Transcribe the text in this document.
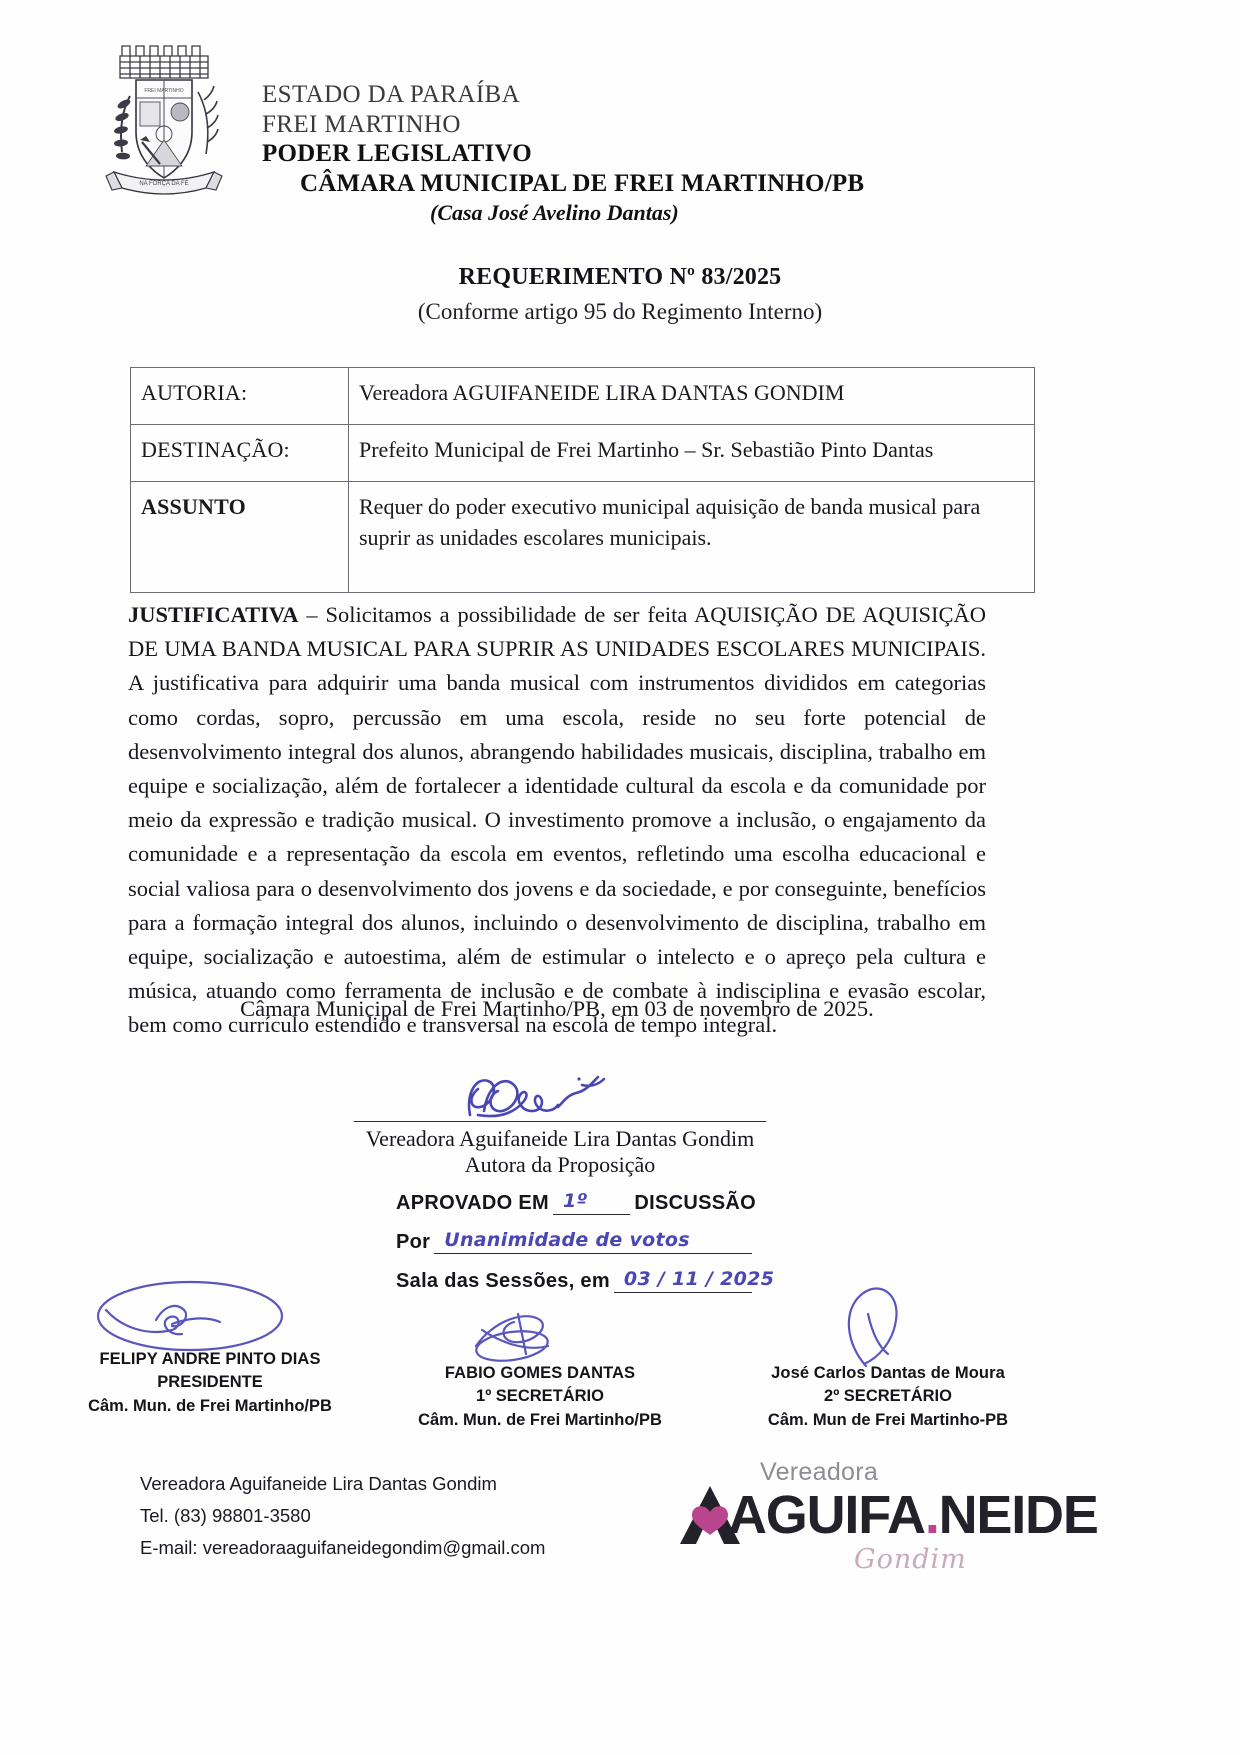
FREI MARTINHO
NA FORÇA DA FÉ
ESTADO DA PARAÍBA
FREI MARTINHO
PODER LEGISLATIVO
CÂMARA MUNICIPAL DE FREI MARTINHO/PB
(Casa José Avelino Dantas)
REQUERIMENTO Nº 83/2025
(Conforme artigo 95 do Regimento Interno)
AUTORIA:	Vereadora AGUIFANEIDE LIRA DANTAS GONDIM
DESTINAÇÃO:	Prefeito Municipal de Frei Martinho – Sr. Sebastião Pinto Dantas
ASSUNTO	Requer do poder executivo municipal aquisição de banda musical para suprir as unidades escolares municipais.
JUSTIFICATIVA – Solicitamos a possibilidade de ser feita AQUISIÇÃO DE AQUISIÇÃO DE UMA BANDA MUSICAL PARA SUPRIR AS UNIDADES ESCOLARES MUNICIPAIS. A justificativa para adquirir uma banda musical com instrumentos divididos em categorias como cordas, sopro, percussão em uma escola, reside no seu forte potencial de desenvolvimento integral dos alunos, abrangendo habilidades musicais, disciplina, trabalho em equipe e socialização, além de fortalecer a identidade cultural da escola e da comunidade por meio da expressão e tradição musical. O investimento promove a inclusão, o engajamento da comunidade e a representação da escola em eventos, refletindo uma escolha educacional e social valiosa para o desenvolvimento dos jovens e da sociedade, e por conseguinte, benefícios para a formação integral dos alunos, incluindo o desenvolvimento de disciplina, trabalho em equipe, socialização e autoestima, além de estimular o intelecto e o apreço pela cultura e música, atuando como ferramenta de inclusão e de combate à indisciplina e evasão escolar, bem como currículo estendido e transversal na escola de tempo integral.
Câmara Municipal de Frei Martinho/PB, em 03 de novembro de 2025.
Vereadora Aguifaneide Lira Dantas Gondim
Autora da Proposição
APROVADO EM 1º DISCUSSÃO
Por Unanimidade de votos
Sala das Sessões, em 03 / 11 / 2025
FELIPY ANDRE PINTO DIAS
PRESIDENTE
Câm. Mun. de Frei Martinho/PB
FABIO GOMES DANTAS
1º SECRETÁRIO
Câm. Mun. de Frei Martinho/PB
José Carlos Dantas de Moura
2º SECRETÁRIO
Câm. Mun de Frei Martinho-PB
Vereadora Aguifaneide Lira Dantas Gondim
Tel. (83) 98801-3580
E-mail: vereadoraaguifaneidegondim@gmail.com
Vereadora
AGUIFA.NEIDE
Gondim
